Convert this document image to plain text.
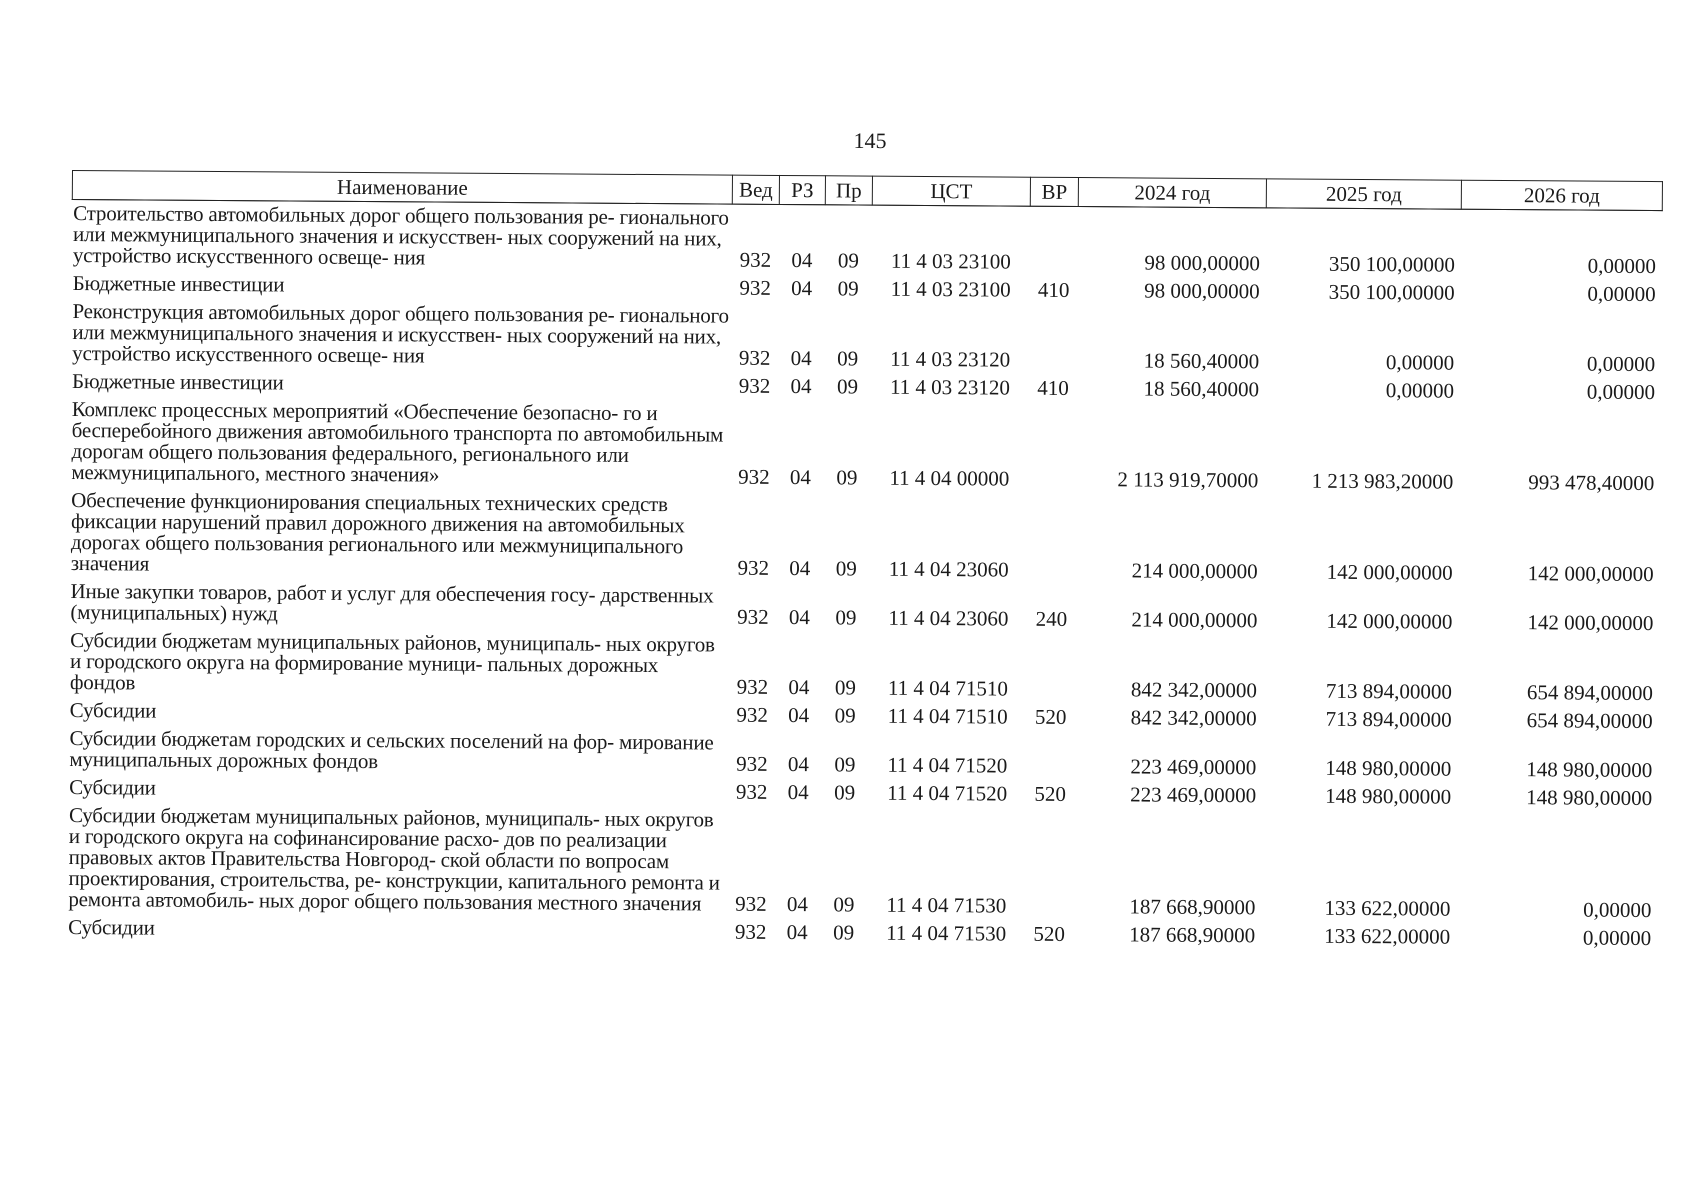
145
Наименование	Вед	РЗ	Пр	ЦСТ	ВР	2024 год	2025 год	2026 год
Строительство автомобильных дорог общего пользования ре- гионального или межмуниципального значения и искусствен- ных сооружений на них, устройство искусственного освеще- ния	932	04	09	11 4 03 23100		98 000,00000	350 100,00000	0,00000
Бюджетные инвестиции	932	04	09	11 4 03 23100	410	98 000,00000	350 100,00000	0,00000
Реконструкция автомобильных дорог общего пользования ре- гионального или межмуниципального значения и искусствен- ных сооружений на них, устройство искусственного освеще- ния	932	04	09	11 4 03 23120		18 560,40000	0,00000	0,00000
Бюджетные инвестиции	932	04	09	11 4 03 23120	410	18 560,40000	0,00000	0,00000
Комплекс процессных мероприятий «Обеспечение безопасно- го и бесперебойного движения автомобильного транспорта по автомобильным дорогам общего пользования федерального, регионального или межмуниципального, местного значения»	932	04	09	11 4 04 00000		2 113 919,70000	1 213 983,20000	993 478,40000
Обеспечение функционирования специальных технических средств фиксации нарушений правил дорожного движения на автомобильных дорогах общего пользования регионального или межмуниципального значения	932	04	09	11 4 04 23060		214 000,00000	142 000,00000	142 000,00000
Иные закупки товаров, работ и услуг для обеспечения госу- дарственных (муниципальных) нужд	932	04	09	11 4 04 23060	240	214 000,00000	142 000,00000	142 000,00000
Субсидии бюджетам муниципальных районов, муниципаль- ных округов и городского округа на формирование муници- пальных дорожных фондов	932	04	09	11 4 04 71510		842 342,00000	713 894,00000	654 894,00000
Субсидии	932	04	09	11 4 04 71510	520	842 342,00000	713 894,00000	654 894,00000
Субсидии бюджетам городских и сельских поселений на фор- мирование муниципальных дорожных фондов	932	04	09	11 4 04 71520		223 469,00000	148 980,00000	148 980,00000
Субсидии	932	04	09	11 4 04 71520	520	223 469,00000	148 980,00000	148 980,00000
Субсидии бюджетам муниципальных районов, муниципаль- ных округов и городского округа на софинансирование расхо- дов по реализации правовых актов Правительства Новгород- ской области по вопросам проектирования, строительства, ре- конструкции, капитального ремонта и ремонта автомобиль- ных дорог общего пользования местного значения	932	04	09	11 4 04 71530		187 668,90000	133 622,00000	0,00000
Субсидии	932	04	09	11 4 04 71530	520	187 668,90000	133 622,00000	0,00000
